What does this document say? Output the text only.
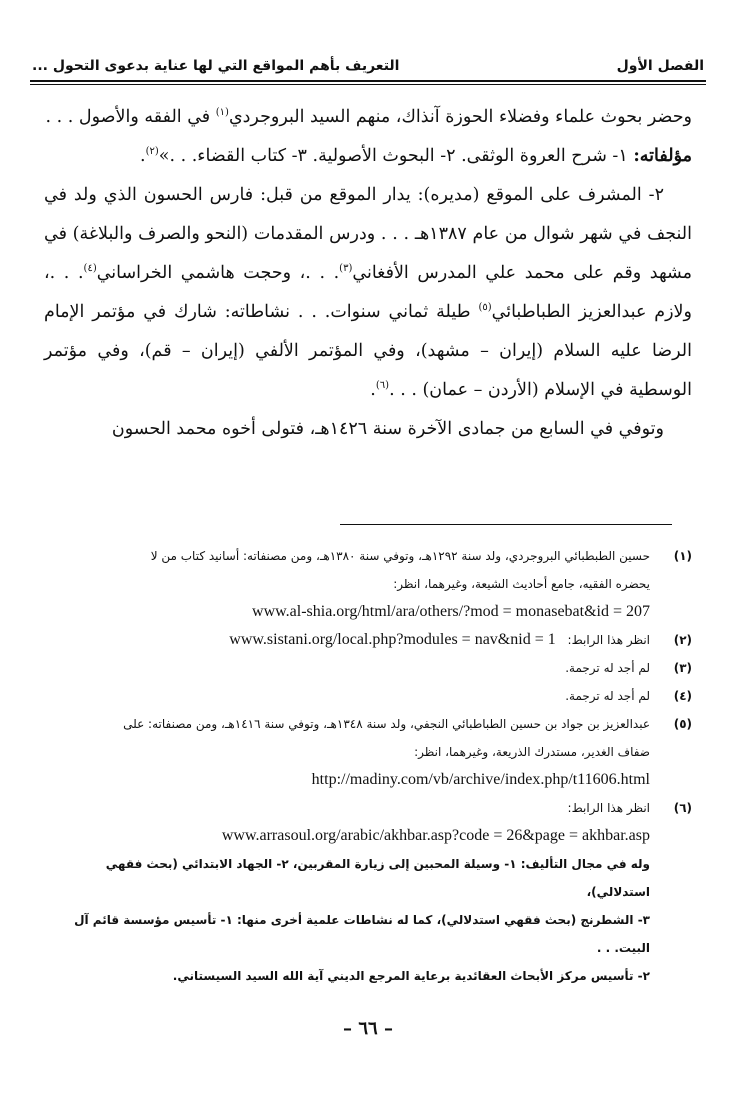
الفصل الأول
التعريف بأهم المواقع التي لها عناية بدعوى التحول ...

وحضر بحوث علماء وفضلاء الحوزة آنذاك، منهم السيد البروجردي$^{(١)}$ في الفقه والأصول . . .

مؤلفاته: ١- شرح العروة الوثقى. ٢- البحوث الأصولية. ٣- كتاب القضاء. . .»$^{(٢)}$.

٢- المشرف على الموقع (مديره): يدار الموقع من قبل: فارس الحسون الذي ولد في النجف في شهر شوال من عام ١٣٨٧هـ . . . ودرس المقدمات (النحو والصرف والبلاغة) في مشهد وقم على محمد علي المدرس الأفغاني$^{(٣)}$. . .، وحجت هاشمي الخراساني$^{(٤)}$. . .، ولازم عبدالعزيز الطباطبائي$^{(٥)}$ طيلة ثماني سنوات. . . نشاطاته: شارك في مؤتمر الإمام الرضا عليه السلام (إيران – مشهد)، وفي المؤتمر الألفي (إيران – قم)، وفي مؤتمر الوسطية في الإسلام (الأردن – عمان) . . .$^{(٦)}$.

وتوفي في السابع من جمادى الآخرة سنة ١٤٢٦هـ، فتولى أخوه محمد الحسون

(١)
حسين الطبطبائي البروجردي، ولد سنة ١٢٩٢هـ، وتوفي سنة ١٣٨٠هـ، ومن مصنفاته: أسانيد كتاب من لا
يحضره الفقيه، جامع أحاديث الشيعة، وغيرهما، انظر:
www.al-shia.org/html/ara/others/?mod = monasebat&id = 207
(٢)
انظر هذا الرابط: www.sistani.org/local.php?modules = nav&nid = 1
(٣)
لم أجد له ترجمة.
(٤)
لم أجد له ترجمة.
(٥)
عبدالعزيز بن جواد بن حسين الطباطبائي النجفي، ولد سنة ١٣٤٨هـ، وتوفي سنة ١٤١٦هـ، ومن مصنفاته: على
ضفاف الغدير، مستدرك الذريعة، وغيرهما، انظر:
http://madiny.com/vb/archive/index.php/t11606.html
(٦)
انظر هذا الرابط:
www.arrasoul.org/arabic/akhbar.asp?code = 26&page = akhbar.asp
وله في مجال التأليف: ١- وسيلة المحبين إلى زيارة المقربين، ٢- الجهاد الابتدائي (بحث فقهي استدلالي)،
٣- الشطرنج (بحث فقهي استدلالي)، كما له نشاطات علمية أخرى منها: ١- تأسيس مؤسسة قائم آل البيت. . .
٢- تأسيس مركز الأبحاث العقائدية برعاية المرجع الديني آية الله السيد السيستاني.
– ٦٦ –
